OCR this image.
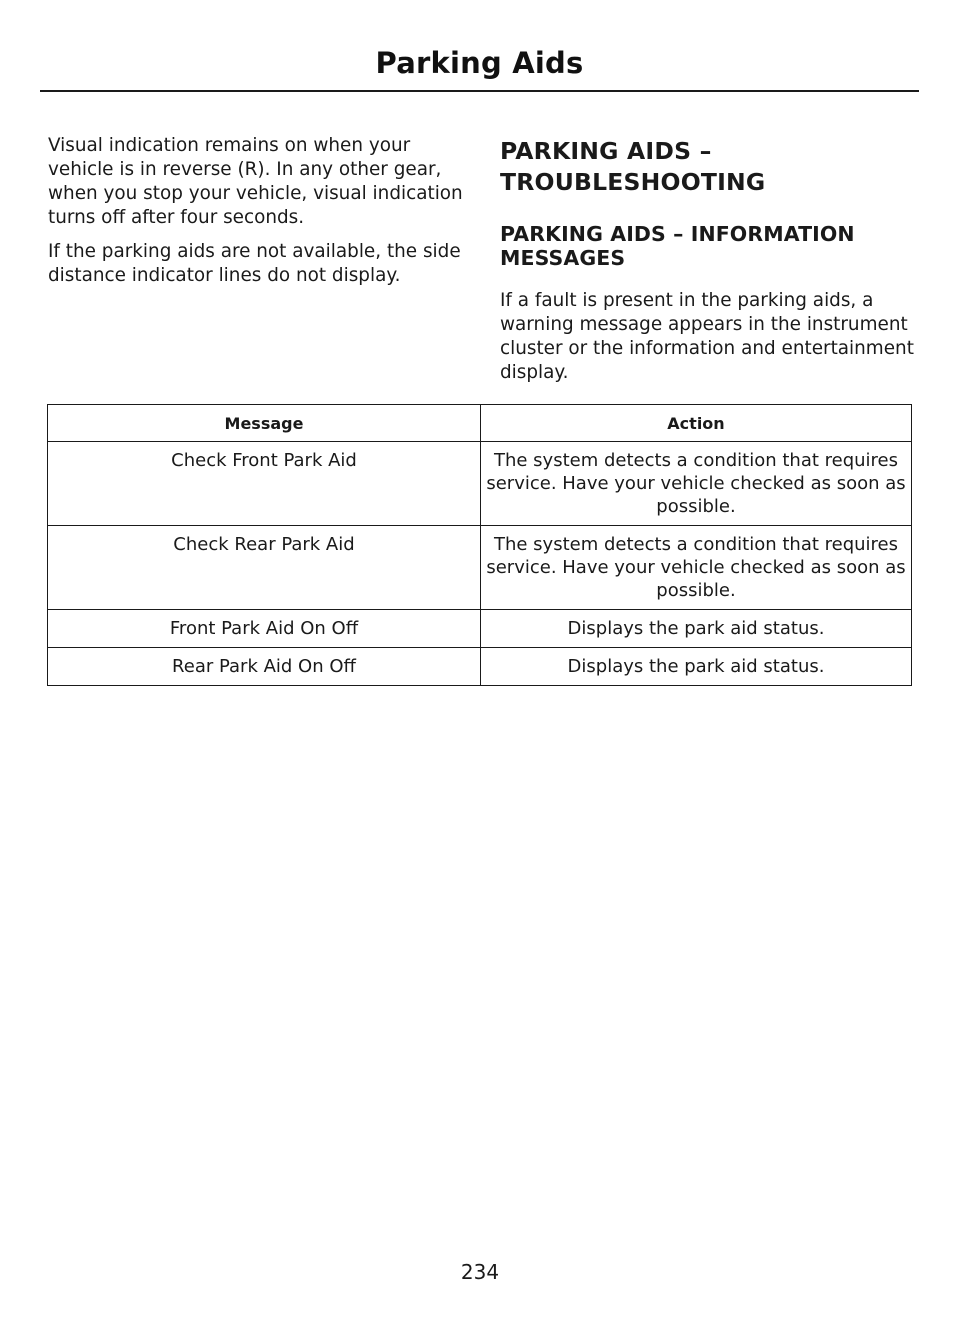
Parking Aids

Visual indication remains on when your vehicle is in reverse (R). In any other gear, when you stop your vehicle, visual indication turns off after four seconds.

If the parking aids are not available, the side distance indicator lines do not display.

PARKING AIDS – TROUBLESHOOTING
PARKING AIDS – INFORMATION MESSAGES

If a fault is present in the parking aids, a warning message appears in the instrument cluster or the information and entertainment display.

Message	Action
Check Front Park Aid	The system detects a condition that requires service. Have your vehicle checked as soon as possible.
Check Rear Park Aid	The system detects a condition that requires service. Have your vehicle checked as soon as possible.
Front Park Aid On Off	Displays the park aid status.
Rear Park Aid On Off	Displays the park aid status.
234
